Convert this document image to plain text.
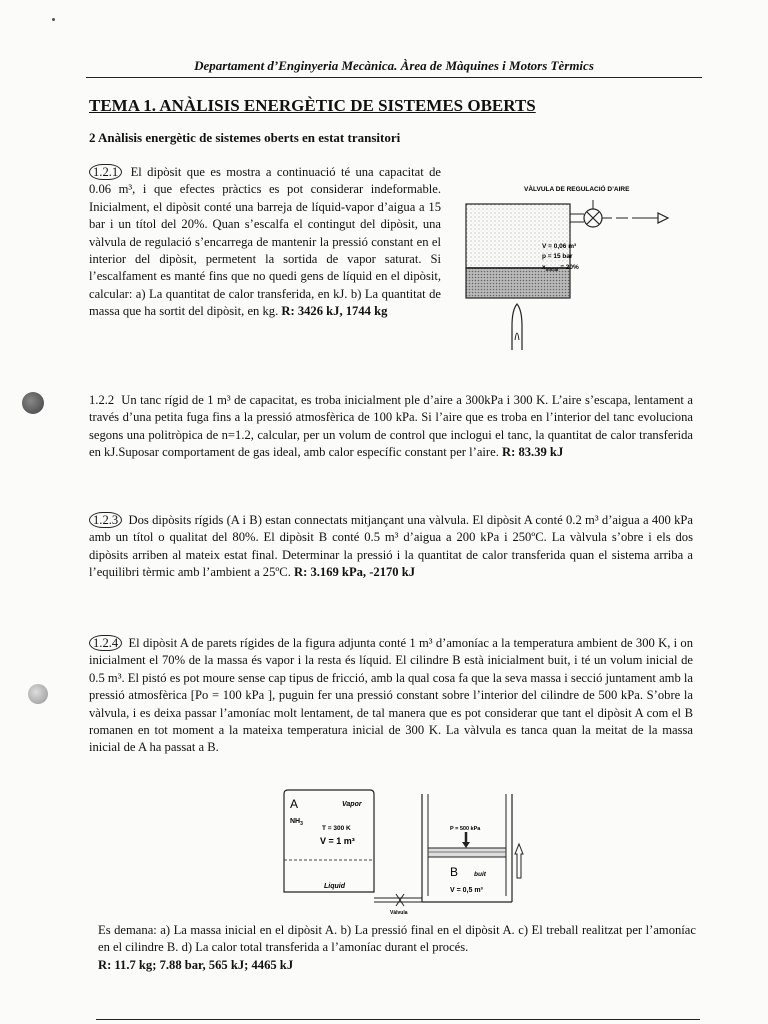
Departament d’Enginyeria Mecànica. Àrea de Màquines i Motors Tèrmics
TEMA 1. ANÀLISIS ENERGÈTIC DE SISTEMES OBERTS
2 Anàlisis energètic de sistemes oberts en estat transitori
1.2.1 El dipòsit que es mostra a continuació té una capacitat de 0.06 m³, i que efectes pràctics es pot considerar indeformable. Inicialment, el dipòsit conté una barreja de líquid-vapor d’aigua a 15 bar i un títol del 20%. Quan s’escalfa el contingut del dipòsit, una vàlvula de regulació s’encarrega de mantenir la pressió constant en el interior del dipòsit, permetent la sortida de vapor saturat. Si l’escalfament es manté fins que no quedi gens de líquid en el dipòsit, calcular: a) La quantitat de calor transferida, en kJ. b) La quantitat de massa que ha sortit del dipòsit, en kg. R: 3426 kJ, 1744 kg
VÀLVULA DE REGULACIÓ D’AIRE
V = 0,06 m³
p = 15 bar
$x_{inicial} = 20\%$
1.2.2 Un tanc rígid de 1 m³ de capacitat, es troba inicialment ple d’aire a 300kPa i 300 K. L’aire s’escapa, lentament a través d’una petita fuga fins a la pressió atmosfèrica de 100 kPa. Si l’aire que es troba en l’interior del tanc evoluciona segons una politròpica de n=1.2, calcular, per un volum de control que inclogui el tanc, la quantitat de calor transferida en kJ.Suposar comportament de gas ideal, amb calor específic constant per l’aire. R: 83.39 kJ
1.2.3 Dos dipòsits rígids (A i B) estan connectats mitjançant una vàlvula. El dipòsit A conté 0.2 m³ d’aigua a 400 kPa amb un títol o qualitat del 80%. El dipòsit B conté 0.5 m³ d’aigua a 200 kPa i 250ºC. La vàlvula s’obre i els dos dipòsits arriben al mateix estat final. Determinar la pressió i la quantitat de calor transferida quan el sistema arriba a l’equilibri tèrmic amb l’ambient a 25ºC. R: 3.169 kPa, -2170 kJ
1.2.4 El dipòsit A de parets rígides de la figura adjunta conté 1 m³ d’amoníac a la temperatura ambient de 300 K, i on inicialment el 70% de la massa és vapor i la resta és líquid. El cilindre B està inicialment buit, i té un volum inicial de 0.5 m³. El pistó es pot moure sense cap tipus de fricció, amb la qual cosa fa que la seva massa i secció juntament amb la pressió atmosfèrica [Po = 100 kPa ], puguin fer una pressió constant sobre l’interior del cilindre de 500 kPa. S’obre la vàlvula, i es deixa passar l’amoníac molt lentament, de tal manera que es pot considerar que tant el dipòsit A com el B romanen en tot moment a la mateixa temperatura inicial de 300 K. La vàlvula es tanca quan la meitat de la massa inicial de A ha passat a B.
A	Vapor
$NH_3$
T = 300 K
V = 1 m³
Liquid
Vàlvula
P = 500 kPa
B buit
V = 0,5 m³
Es demana: a) La massa inicial en el dipòsit A. b) La pressió final en el dipòsit A. c) El treball realitzat per l’amoníac en el cilindre B. d) La calor total transferida a l’amoníac durant el procés.
R: 11.7 kg; 7.88 bar, 565 kJ; 4465 kJ
